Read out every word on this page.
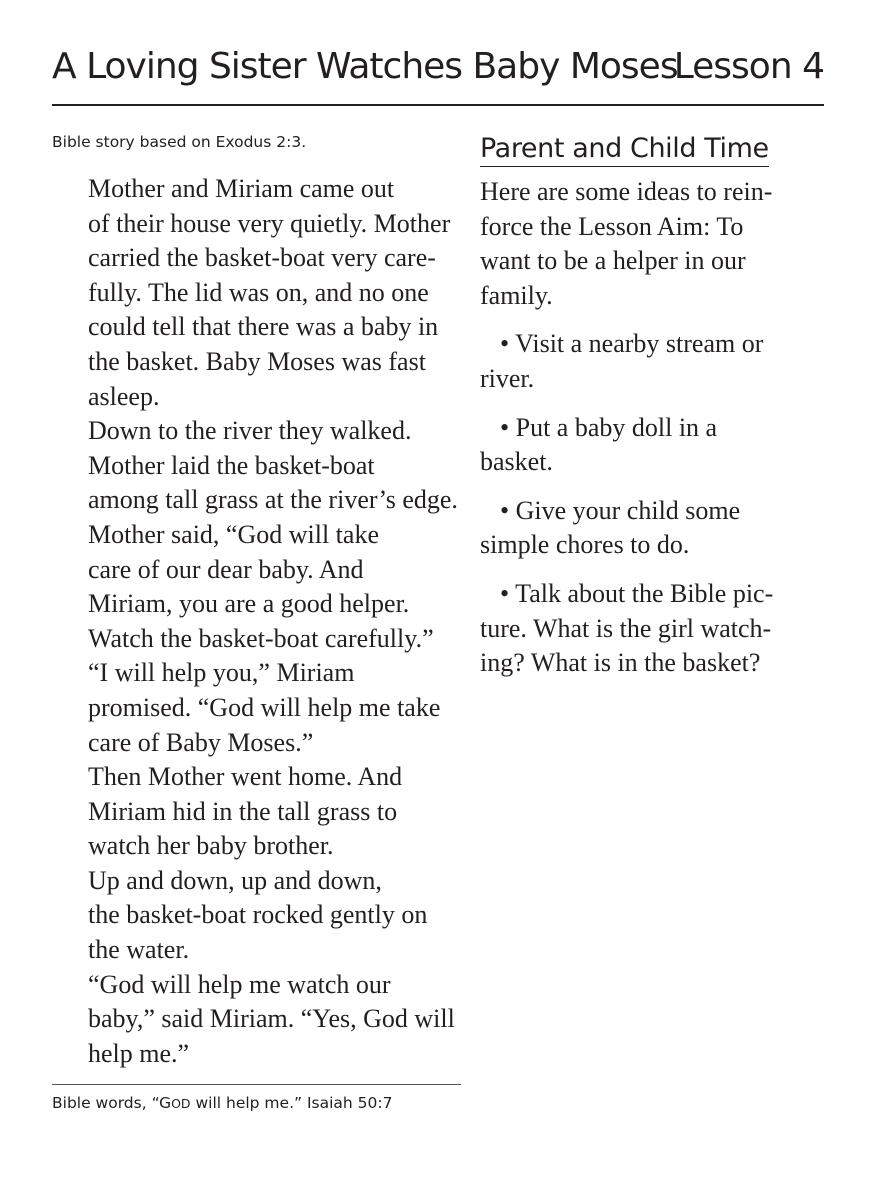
A Loving Sister Watches Baby Moses
Lesson 4
Bible story based on Exodus 2:3.

Mother and Miriam came out
of their house very quietly. Mother
carried the basket-boat very care-
fully. The lid was on, and no one
could tell that there was a baby in
the basket. Baby Moses was fast
asleep.

Down to the river they walked.
Mother laid the basket-boat
among tall grass at the river’s edge.

Mother said, “God will take
care of our dear baby. And
Miriam, you are a good helper.
Watch the basket-boat carefully.”

“I will help you,” Miriam
promised. “God will help me take
care of Baby Moses.”

Then Mother went home. And
Miriam hid in the tall grass to
watch her baby brother.

Up and down, up and down,
the basket-boat rocked gently on
the water.

“God will help me watch our
baby,” said Miriam. “Yes, God will
help me.”

Bible words, “GOD will help me.” Isaiah 50:7
Parent and Child Time
Here are some ideas to rein-
force the Lesson Aim: To
want to be a helper in our
family.
• Visit a nearby stream or
river.
• Put a baby doll in a
basket.
• Give your child some
simple chores to do.
• Talk about the Bible pic-
ture. What is the girl watch-
ing? What is in the basket?
